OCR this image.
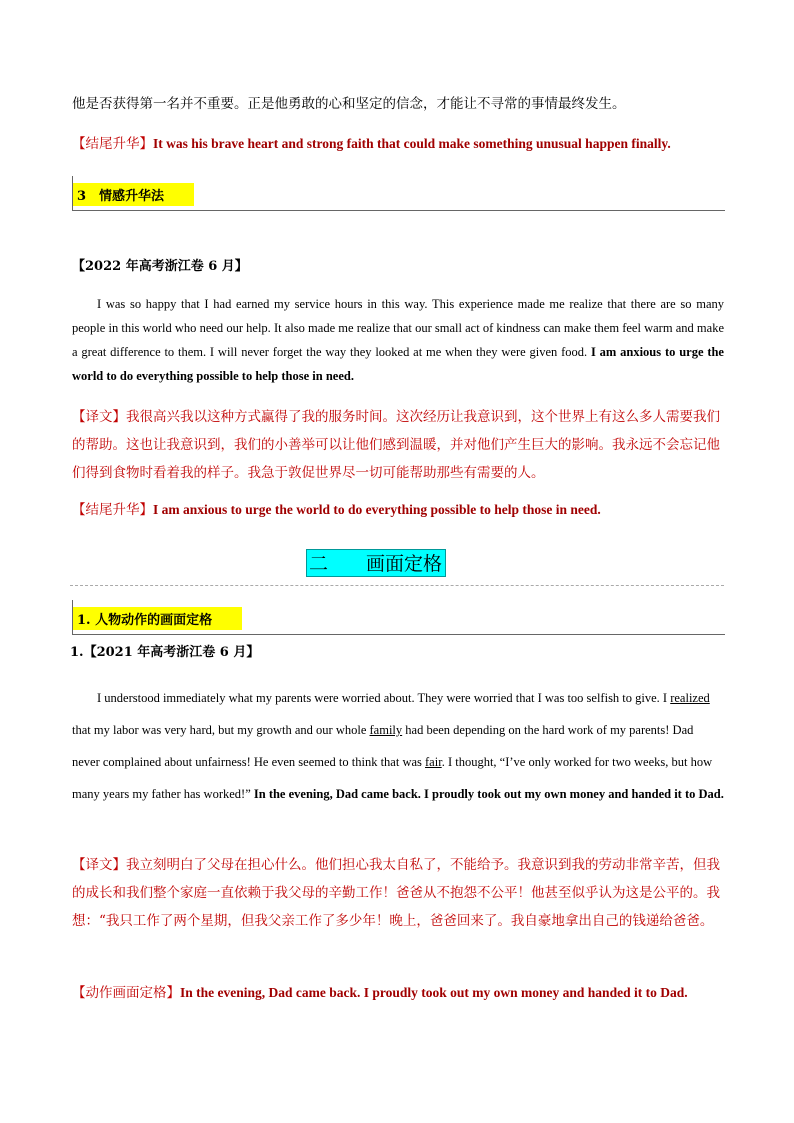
他是否获得第一名并不重要。正是他勇敢的心和坚定的信念，才能让不寻常的事情最终发生。
【结尾升华】It was his brave heart and strong faith that could make something unusual happen finally.
3　情感升华法
【2022 年高考浙江卷 6 月】
I was so happy that I had earned my service hours in this way. This experience made me realize that there are so many people in this world who need our help. It also made me realize that our small act of kindness can make them feel warm and make a great difference to them. I will never forget the way they looked at me when they were given food. I am anxious to urge the world to do everything possible to help those in need.
【译文】我很高兴我以这种方式赢得了我的服务时间。这次经历让我意识到，这个世界上有这么多人需要我们的帮助。这也让我意识到，我们的小善举可以让他们感到温暖，并对他们产生巨大的影响。我永远不会忘记他们得到食物时看着我的样子。我急于敦促世界尽一切可能帮助那些有需要的人。
【结尾升华】I am anxious to urge the world to do everything possible to help those in need.
二　　画面定格
1. 人物动作的画面定格
1.【2021 年高考浙江卷 6 月】
I understood immediately what my parents were worried about. They were worried that I was too selfish to give. I realized that my labor was very hard, but my growth and our whole family had been depending on the hard work of my parents! Dad never complained about unfairness! He even seemed to think that was fair. I thought, “I’ve only worked for two weeks, but how many years my father has worked!” In the evening, Dad came back. I proudly took out my own money and handed it to Dad.
【译文】我立刻明白了父母在担心什么。他们担心我太自私了，不能给予。我意识到我的劳动非常辛苦，但我的成长和我们整个家庭一直依赖于我父母的辛勤工作！爸爸从不抱怨不公平！他甚至似乎认为这是公平的。我想：“我只工作了两个星期，但我父亲工作了多少年！晚上，爸爸回来了。我自豪地拿出自己的钱递给爸爸。
【动作画面定格】In the evening, Dad came back. I proudly took out my own money and handed it to Dad.
